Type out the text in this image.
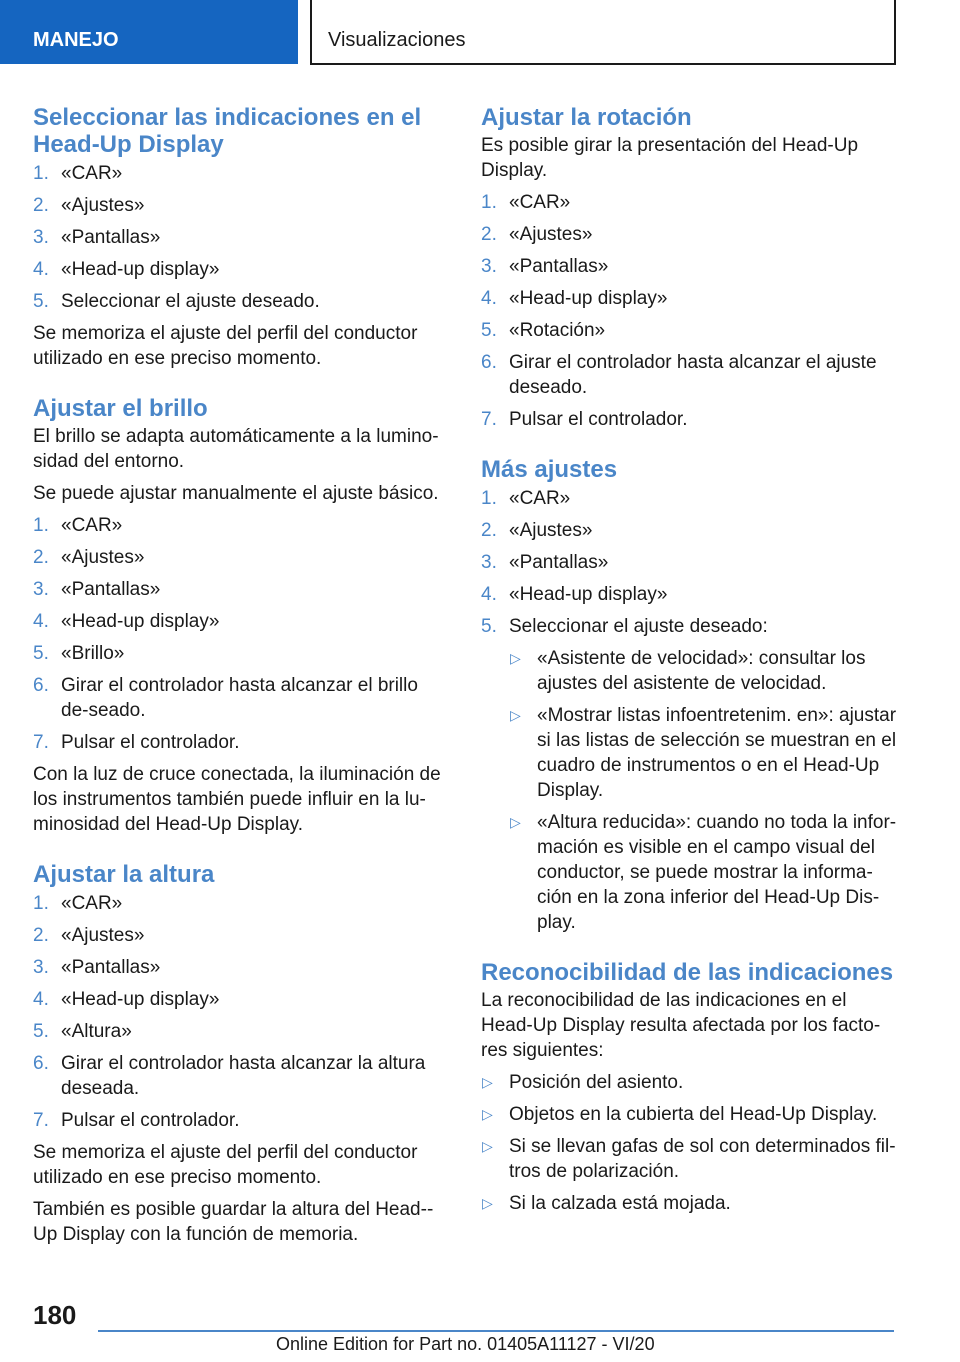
MANEJO	Visualizaciones
Seleccionar las indicaciones en el
Head-Up Display
1. «CAR»
2. «Ajustes»
3. «Pantallas»
4. «Head-up display»
5. Seleccionar el ajuste deseado.

Se memoriza el ajuste del perfil del conductor utilizado en ese preciso momento.

Ajustar el brillo

El brillo se adapta automáticamente a la lumino-sidad del entorno.

Se puede ajustar manualmente el ajuste básico.

1. «CAR»
2. «Ajustes»
3. «Pantallas»
4. «Head-up display»
5. «Brillo»
6. Girar el controlador hasta alcanzar el brillo de-seado.
7. Pulsar el controlador.

Con la luz de cruce conectada, la iluminación de los instrumentos también puede influir en la lu-minosidad del Head-Up Display.

Ajustar la altura
1. «CAR»
2. «Ajustes»
3. «Pantallas»
4. «Head-up display»
5. «Altura»
6. Girar el controlador hasta alcanzar la altura deseada.
7. Pulsar el controlador.

Se memoriza el ajuste del perfil del conductor utilizado en ese preciso momento.

También es posible guardar la altura del Head--Up Display con la función de memoria.

Ajustar la rotación

Es posible girar la presentación del Head-Up Display.

1. «CAR»
2. «Ajustes»
3. «Pantallas»
4. «Head-up display»
5. «Rotación»
6. Girar el controlador hasta alcanzar el ajuste deseado.
7. Pulsar el controlador.
Más ajustes
1. «CAR»
2. «Ajustes»
3. «Pantallas»
4. «Head-up display»
5. Seleccionar el ajuste deseado:
▷ «Asistente de velocidad»: consultar los ajustes del asistente de velocidad.
▷ «Mostrar listas infoentretenim. en»: ajustar si las listas de selección se muestran en el cuadro de instrumentos o en el Head-Up Display.
▷ «Altura reducida»: cuando no toda la infor-mación es visible en el campo visual del conductor, se puede mostrar la informa-ción en la zona inferior del Head-Up Dis-play.
Reconocibilidad de las indicaciones

La reconocibilidad de las indicaciones en el Head-Up Display resulta afectada por los facto-res siguientes:

▷ Posición del asiento.
▷ Objetos en la cubierta del Head-Up Display.
▷ Si se llevan gafas de sol con determinados fil-tros de polarización.
▷ Si la calzada está mojada.
180
Online Edition for Part no. 01405A11127 - VI/20
